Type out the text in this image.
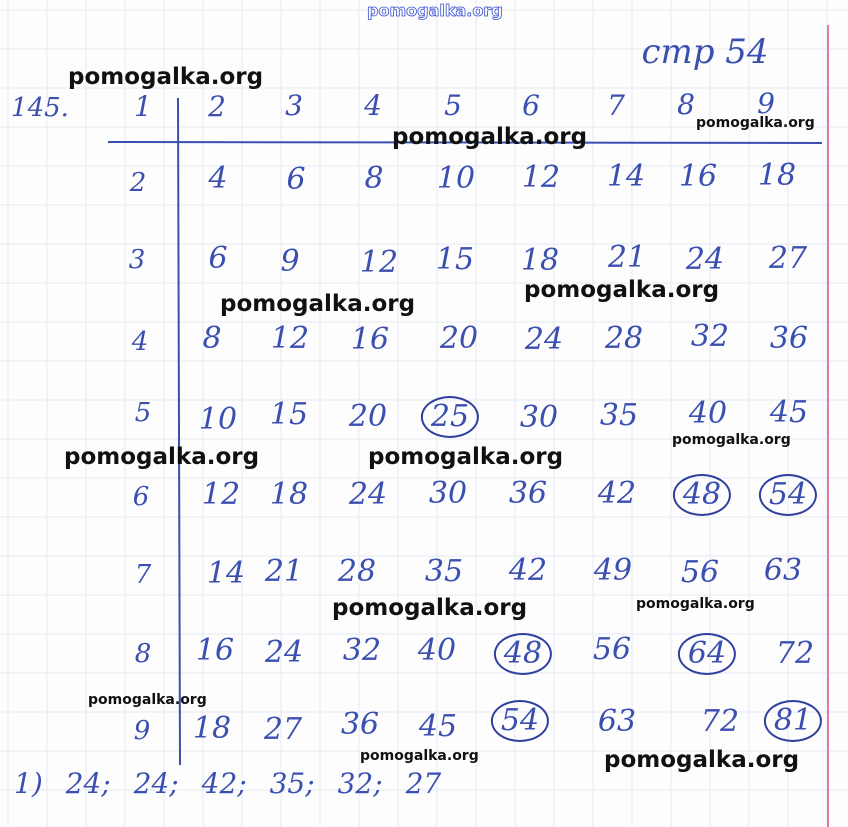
pomogalka.org
стр 54
145. 1 2 3 4 5 6 7 8 9
2 4 6 8 10 12 14 16 18
3 6 9 12 15 18 21 24 27
4 8 12 16 20 24 28 32 36
5 10 15 20	25	30 35 40 45
6 12 18 24 30 36 42	48	54
7 14 21 28 35 42 49 56 63
8 16 24 32 40	48	56	64	72
9 18 27 36 45	54	63 72	81
1) 24; 24; 42; 35; 32; 27
pomogalka.org
pomogalka.org
pomogalka.org
pomogalka.org
pomogalka.org
pomogalka.org	pomogalka.org
pomogalka.org
pomogalka.org	pomogalka.org
pomogalka.org
pomogalka.org	pomogalka.org
